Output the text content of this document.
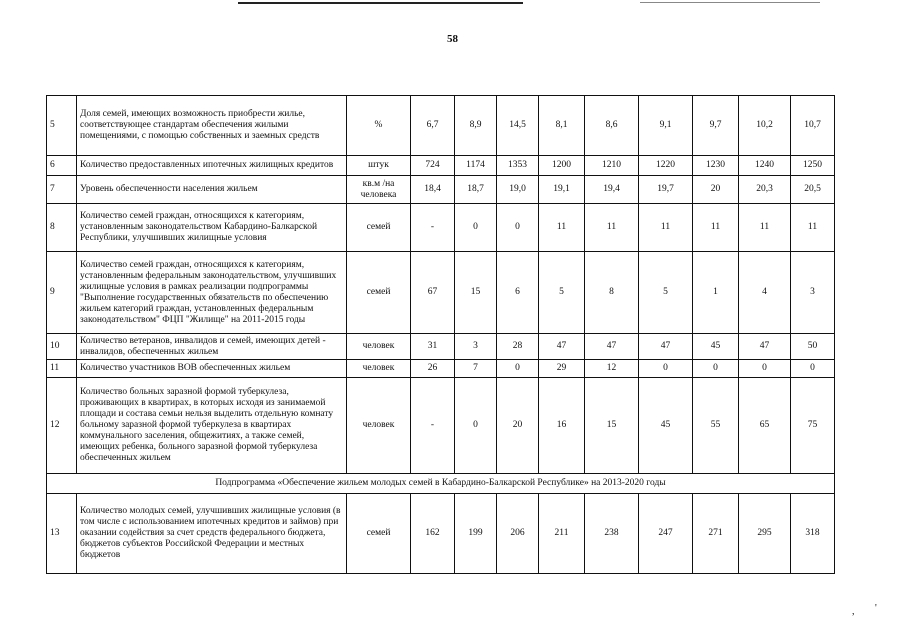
58
5	Доля семей, имеющих возможность приобрести жилье, соответствующее стандартам обеспечения жилыми помещениями, с помощью собственных и заемных средств	%	6,7	8,9	14,5	8,1	8,6	9,1	9,7	10,2	10,7
6	Количество предоставленных ипотечных жилищных кредитов	штук	724	1174	1353	1200	1210	1220	1230	1240	1250
7	Уровень обеспеченности населения жильем	кв.м /на человека	18,4	18,7	19,0	19,1	19,4	19,7	20	20,3	20,5
8	Количество семей граждан, относящихся к категориям, установленным законодательством Кабардино-Балкарской Республики, улучшивших жилищные условия	семей	-	0	0	11	11	11	11	11	11
9	Количество семей граждан, относящихся к категориям, установленным федеральным законодательством, улучшивших жилищные условия в рамках реализации подпрограммы "Выполнение государственных обязательств по обеспечению жильем категорий граждан, установленных федеральным законодательством" ФЦП "Жилище" на 2011-2015 годы	семей	67	15	6	5	8	5	1	4	3
10	Количество ветеранов, инвалидов и семей, имеющих детей - инвалидов, обеспеченных жильем	человек	31	3	28	47	47	47	45	47	50
11	Количество участников ВОВ обеспеченных жильем	человек	26	7	0	29	12	0	0	0	0
12	Количество больных заразной формой туберкулеза, проживающих в квартирах, в которых исходя из занимаемой площади и состава семьи нельзя выделить отдельную комнату больному заразной формой туберкулеза в квартирах коммунального заселения, общежитиях, а также семей, имеющих ребенка, больного заразной формой туберкулеза обеспеченных жильем	человек	-	0	20	16	15	45	55	65	75
Подпрограмма «Обеспечение жильем молодых семей в Кабардино-Балкарской Республике» на 2013-2020 годы											
13	Количество молодых семей, улучшивших жилищные условия (в том числе с использованием ипотечных кредитов и займов) при оказании содействия за счет средств федерального бюджета, бюджетов субъектов Российской Федерации и местных бюджетов	семей	162	199	206	211	238	247	271	295	318
, '
